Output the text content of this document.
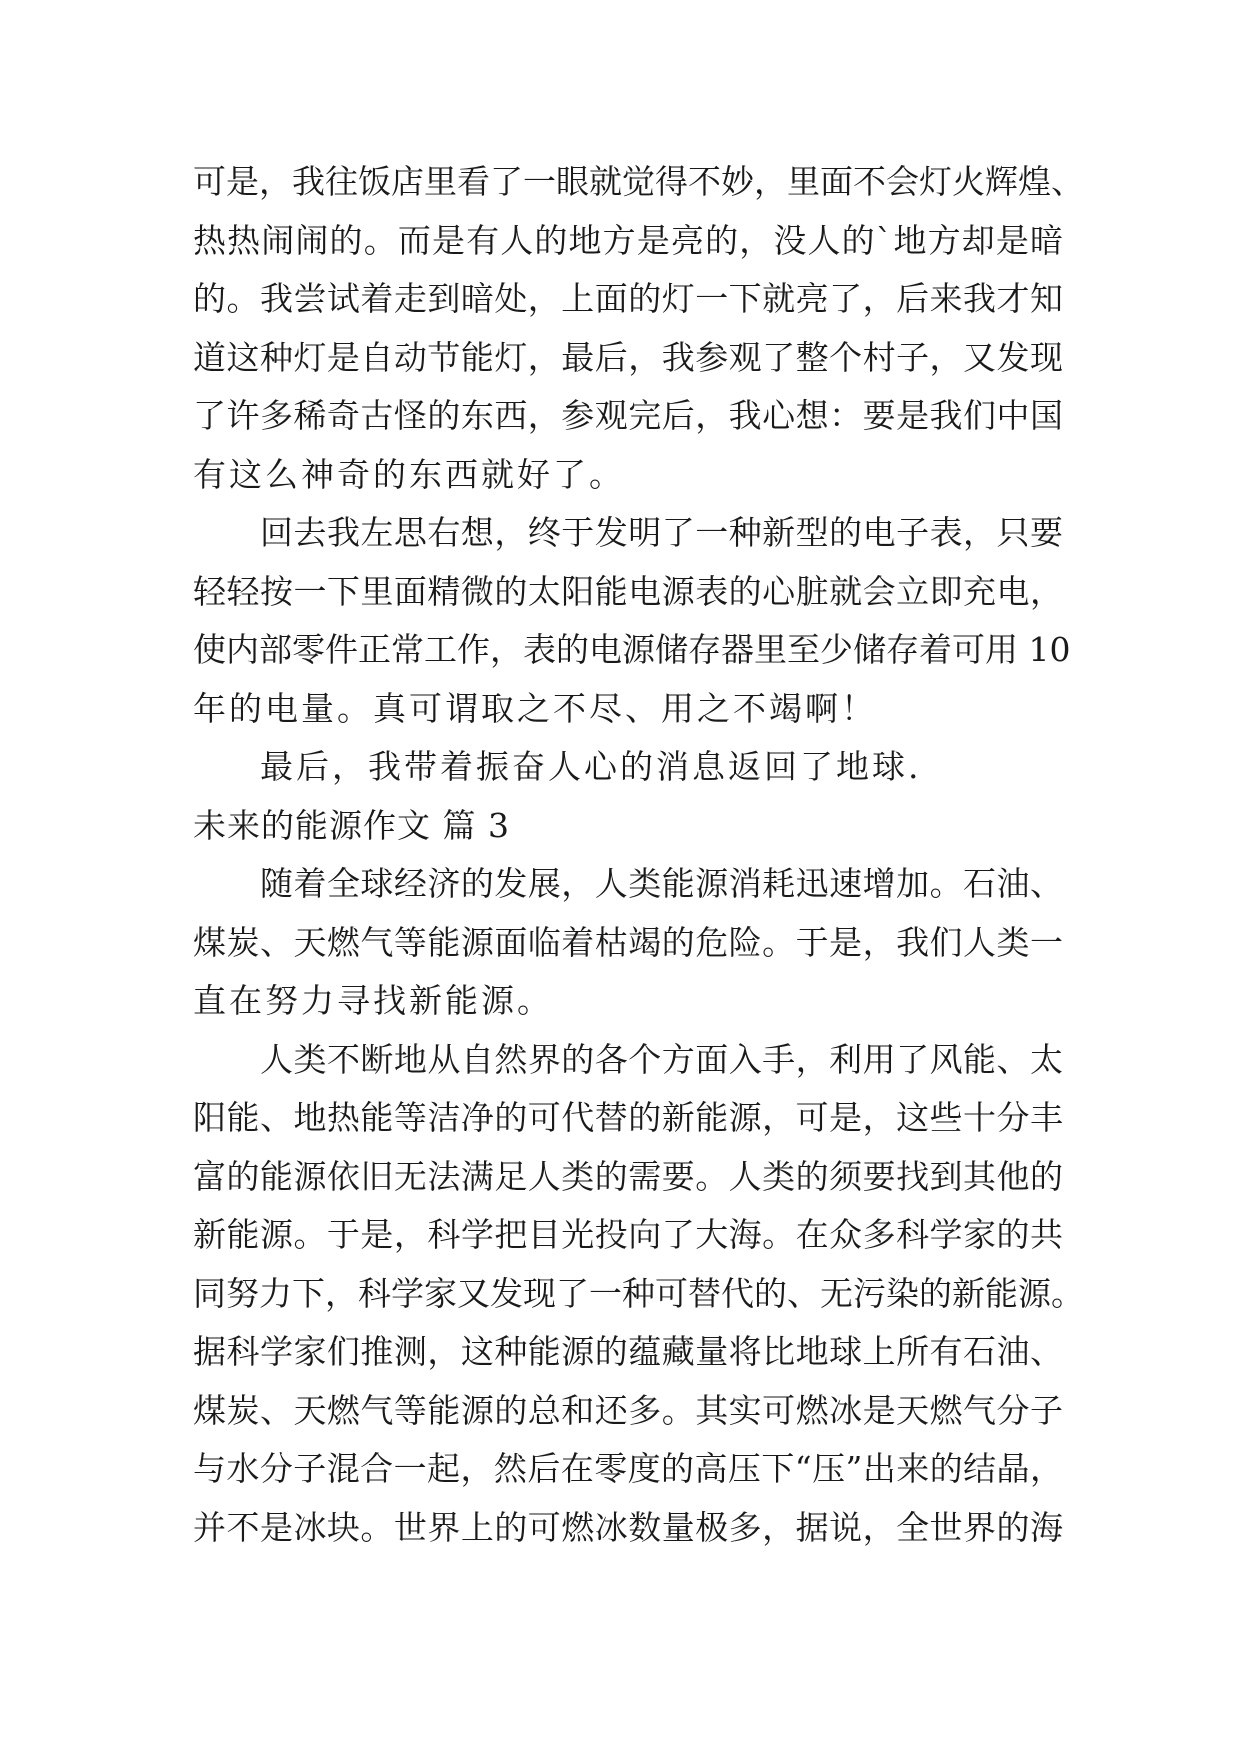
可是，我往饭店里看了一眼就觉得不妙，里面不会灯火辉煌、
热热闹闹的。而是有人的地方是亮的，没人的`地方却是暗
的。我尝试着走到暗处，上面的灯一下就亮了，后来我才知
道这种灯是自动节能灯，最后，我参观了整个村子，又发现
了许多稀奇古怪的东西，参观完后，我心想：要是我们中国
有这么神奇的东西就好了。
回去我左思右想，终于发明了一种新型的电子表，只要
轻轻按一下里面精微的太阳能电源表的心脏就会立即充电，
使内部零件正常工作，表的电源储存器里至少储存着可用 10
年的电量。真可谓取之不尽、用之不竭啊！
最后，我带着振奋人心的消息返回了地球.
未来的能源作文 篇 3
随着全球经济的发展，人类能源消耗迅速增加。石油、
煤炭、天燃气等能源面临着枯竭的危险。于是，我们人类一
直在努力寻找新能源。
人类不断地从自然界的各个方面入手，利用了风能、太
阳能、地热能等洁净的可代替的新能源，可是，这些十分丰
富的能源依旧无法满足人类的需要。人类的须要找到其他的
新能源。于是，科学把目光投向了大海。在众多科学家的共
同努力下，科学家又发现了一种可替代的、无污染的新能源。
据科学家们推测，这种能源的蕴藏量将比地球上所有石油、
煤炭、天燃气等能源的总和还多。其实可燃冰是天燃气分子
与水分子混合一起，然后在零度的高压下“压”出来的结晶，
并不是冰块。世界上的可燃冰数量极多，据说，全世界的海
